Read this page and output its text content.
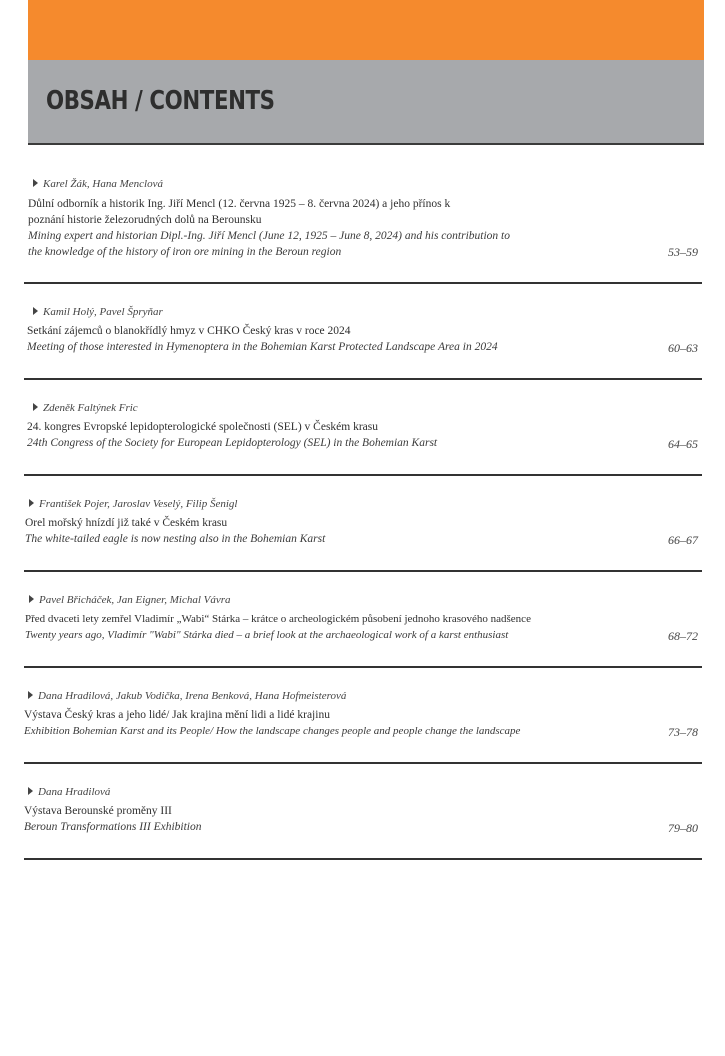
OBSAH / CONTENTS
Karel Žák, Hana Menclová
Důlní odborník a historik Ing. Jiří Mencl (12. června 1925 – 8. června 2024) a jeho přínos k poznání historie železorudných dolů na Berounsku
Mining expert and historian Dipl.-Ing. Jiří Mencl (June 12, 1925 – June 8, 2024) and his contribution to the knowledge of the history of iron ore mining in the Beroun region	53–59
Kamil Holý, Pavel Špryňar
Setkání zájemců o blanokřídlý hmyz v CHKO Český kras v roce 2024
Meeting of those interested in Hymenoptera in the Bohemian Karst Protected Landscape Area in 2024	60–63
Zdeněk Faltýnek Fric
24. kongres Evropské lepidopterologické společnosti (SEL) v Českém krasu
24th Congress of the Society for European Lepidopterology (SEL) in the Bohemian Karst	64–65
František Pojer, Jaroslav Veselý, Filip Šenigl
Orel mořský hnízdí již také v Českém krasu
The white-tailed eagle is now nesting also in the Bohemian Karst	66–67
Pavel Břicháček, Jan Eigner, Michal Vávra
Před dvaceti lety zemřel Vladimír „Wabi“ Stárka – krátce o archeologickém působení jednoho krasového nadšence
Twenty years ago, Vladimír "Wabi" Stárka died – a brief look at the archaeological work of a karst enthusiast	68–72
Dana Hradilová, Jakub Vodička, Irena Benková, Hana Hofmeisterová
Výstava Český kras a jeho lidé/ Jak krajina mění lidi a lidé krajinu
Exhibition Bohemian Karst and its People/ How the landscape changes people and people change the landscape	73–78
Dana Hradilová
Výstava Berounské proměny III
Beroun Transformations III Exhibition	79–80
